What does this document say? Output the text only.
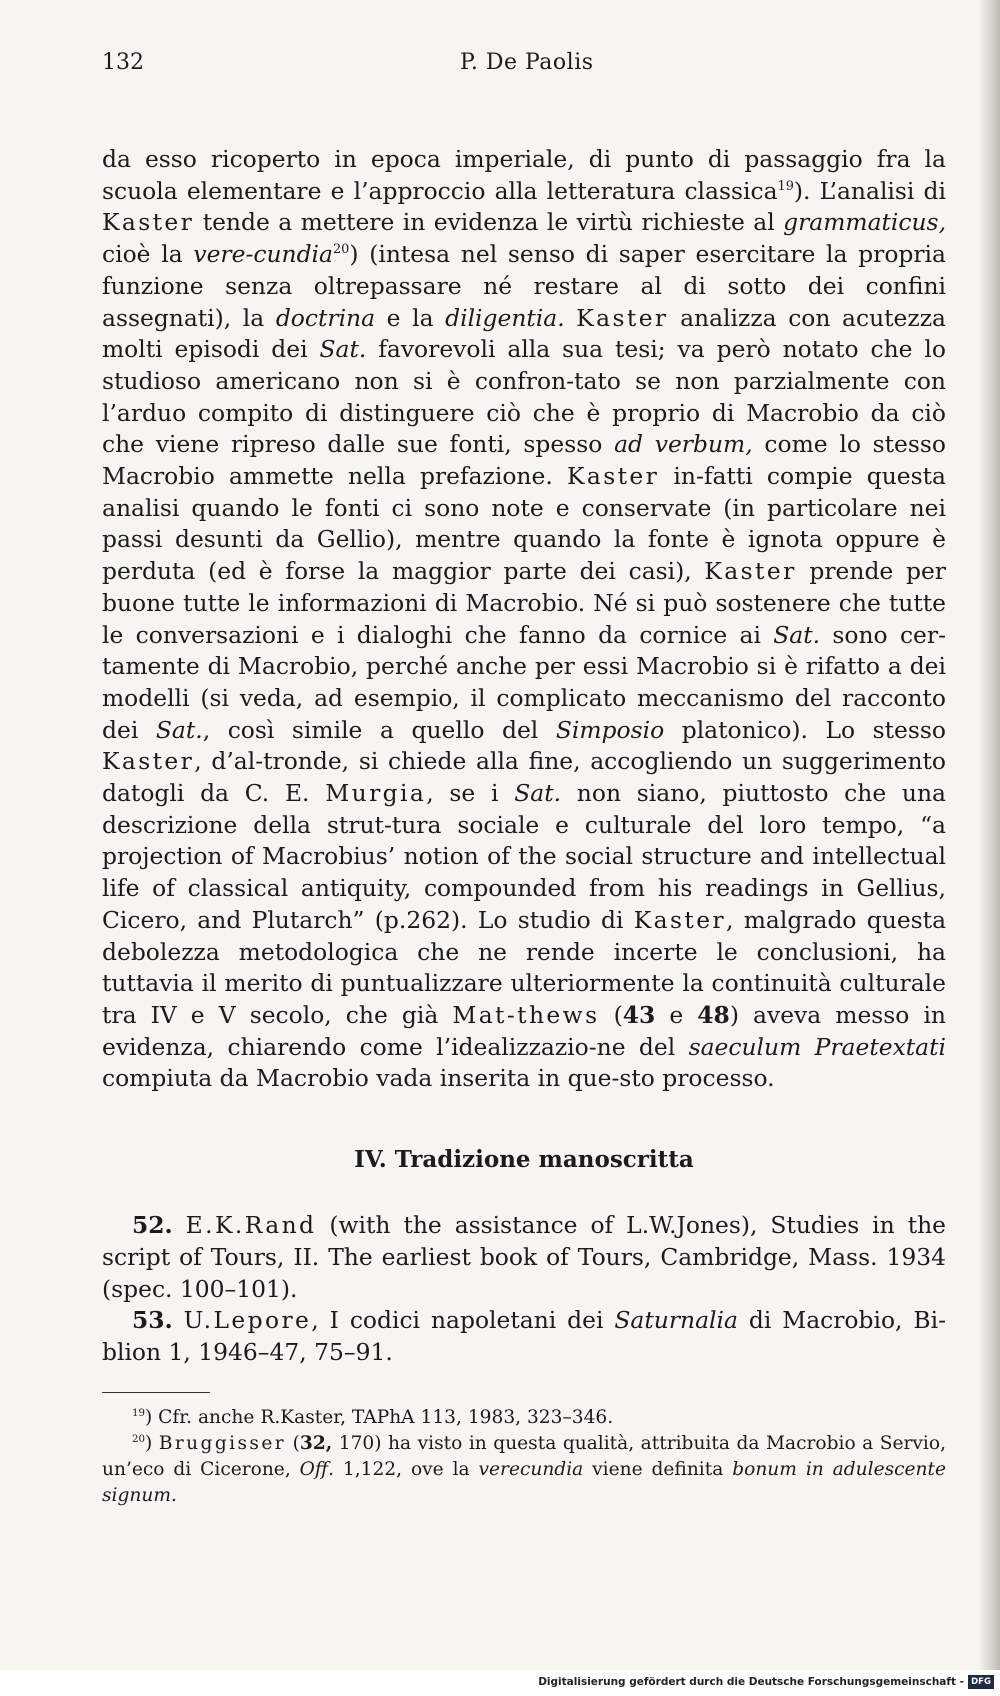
132	P. De Paolis

da esso ricoperto in epoca imperiale, di punto di passaggio fra la scuola elementare e l’approccio alla letteratura classica$^{19}$). L’analisi di Kaster tende a mettere in evidenza le virtù richieste al grammaticus, cioè la vere-cundia$^{20}$) (intesa nel senso di saper esercitare la propria funzione senza oltrepassare né restare al di sotto dei confini assegnati), la doctrina e la diligentia. Kaster analizza con acutezza molti episodi dei Sat. favorevoli alla sua tesi; va però notato che lo studioso americano non si è confron-tato se non parzialmente con l’arduo compito di distinguere ciò che è proprio di Macrobio da ciò che viene ripreso dalle sue fonti, spesso ad verbum, come lo stesso Macrobio ammette nella prefazione. Kaster in-fatti compie questa analisi quando le fonti ci sono note e conservate (in particolare nei passi desunti da Gellio), mentre quando la fonte è ignota oppure è perduta (ed è forse la maggior parte dei casi), Kaster prende per buone tutte le informazioni di Macrobio. Né si può sostenere che tutte le conversazioni e i dialoghi che fanno da cornice ai Sat. sono cer-tamente di Macrobio, perché anche per essi Macrobio si è rifatto a dei modelli (si veda, ad esempio, il complicato meccanismo del racconto dei Sat., così simile a quello del Simposio platonico). Lo stesso Kaster, d’al-tronde, si chiede alla fine, accogliendo un suggerimento datogli da C. E. Murgia, se i Sat. non siano, piuttosto che una descrizione della strut-tura sociale e culturale del loro tempo, “a projection of Macrobius’ notion of the social structure and intellectual life of classical antiquity, compounded from his readings in Gellius, Cicero, and Plutarch” (p.262). Lo studio di Kaster, malgrado questa debolezza metodologica che ne rende incerte le conclusioni, ha tuttavia il merito di puntualizzare ulteriormente la continuità culturale tra IV e V secolo, che già Mat-thews (43 e 48) aveva messo in evidenza, chiarendo come l’idealizzazio-ne del saeculum Praetextati compiuta da Macrobio vada inserita in que-sto processo.

IV. Tradizione manoscritta

52. E.K.Rand (with the assistance of L.W.Jones), Studies in the script of Tours, II. The earliest book of Tours, Cambridge, Mass. 1934 (spec. 100–101).

53. U.Lepore, I codici napoletani dei Saturnalia di Macrobio, Bi-blion 1, 1946–47, 75–91.

$^{19}$) Cfr. anche R.Kaster, TAPhA 113, 1983, 323–346.

$^{20}$) Bruggisser (32, 170) ha visto in questa qualità, attribuita da Macrobio a Servio, un’eco di Cicerone, Off. 1,122, ove la verecundia viene definita bonum in adulescente signum.

Digitalisierung gefördert durch die Deutsche Forschungsgemeinschaft - DFG
